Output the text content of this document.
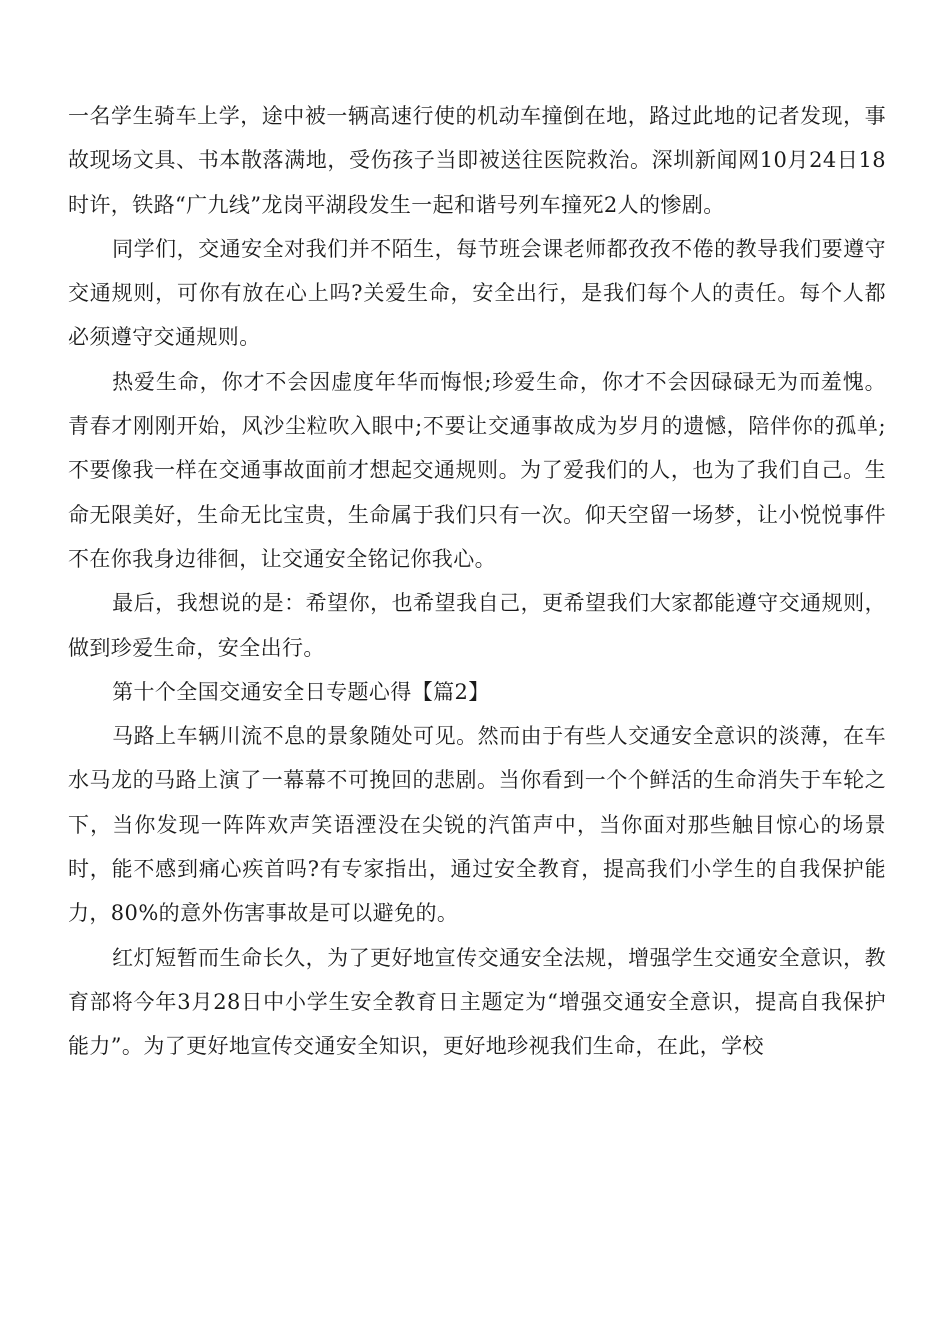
一名学生骑车上学，途中被一辆高速行使的机动车撞倒在地，路过此地的记者发现，事故现场文具、书本散落满地，受伤孩子当即被送往医院救治。深圳新闻网10月24日18时许，铁路“广九线”龙岗平湖段发生一起和谐号列车撞死2人的惨剧。

同学们，交通安全对我们并不陌生，每节班会课老师都孜孜不倦的教导我们要遵守交通规则，可你有放在心上吗?关爱生命，安全出行，是我们每个人的责任。每个人都必须遵守交通规则。

热爱生命，你才不会因虚度年华而悔恨;珍爱生命，你才不会因碌碌无为而羞愧。青春才刚刚开始，风沙尘粒吹入眼中;不要让交通事故成为岁月的遗憾，陪伴你的孤单;不要像我一样在交通事故面前才想起交通规则。为了爱我们的人，也为了我们自己。生命无限美好，生命无比宝贵，生命属于我们只有一次。仰天空留一场梦，让小悦悦事件不在你我身边徘徊，让交通安全铭记你我心。

最后，我想说的是：希望你，也希望我自己，更希望我们大家都能遵守交通规则，做到珍爱生命，安全出行。

第十个全国交通安全日专题心得【篇2】

马路上车辆川流不息的景象随处可见。然而由于有些人交通安全意识的淡薄，在车水马龙的马路上演了一幕幕不可挽回的悲剧。当你看到一个个鲜活的生命消失于车轮之下，当你发现一阵阵欢声笑语湮没在尖锐的汽笛声中，当你面对那些触目惊心的场景时，能不感到痛心疾首吗?有专家指出，通过安全教育，提高我们小学生的自我保护能力，80%的意外伤害事故是可以避免的。

红灯短暂而生命长久，为了更好地宣传交通安全法规，增强学生交通安全意识，教育部将今年3月28日中小学生安全教育日主题定为“增强交通安全意识，提高自我保护能力”。为了更好地宣传交通安全知识，更好地珍视我们生命，在此，学校
